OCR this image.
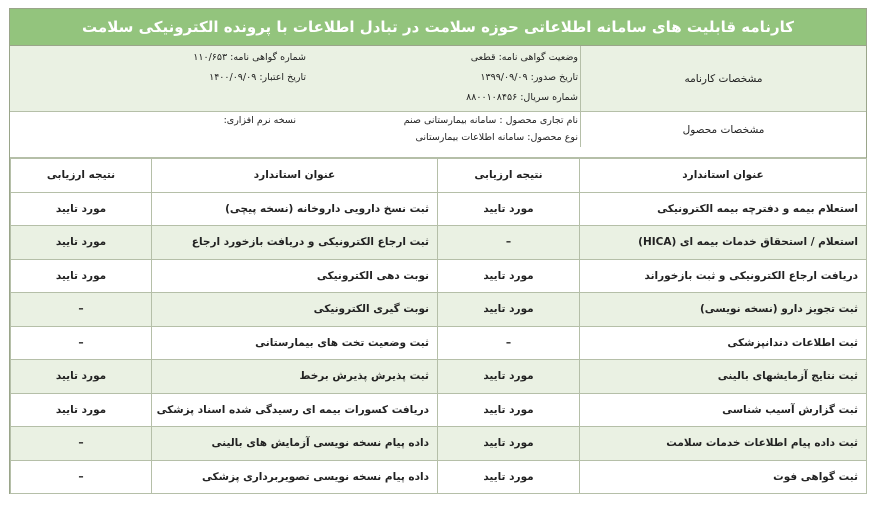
کارنامه قابلیت های سامانه اطلاعاتی حوزه سلامت در تبادل اطلاعات با پرونده الکترونیکی سلامت
مشخصات کارنامه
وضعیت گواهی نامه: قطعی
تاریخ صدور: ۱۳۹۹/۰۹/۰۹
شماره سریال: ۸۸۰۰۱۰۸۴۵۶
شماره گواهی نامه: ۱۱۰/۶۵۳
تاریخ اعتبار: ۱۴۰۰/۰۹/۰۹
مشخصات محصول
نام تجاری محصول : سامانه بیمارستانی صنم
نوع محصول: سامانه اطلاعات بیمارستانی
نسخه نرم افزاری:
عنوان استاندارد	نتیجه ارزیابی	عنوان استاندارد	نتیجه ارزیابی
استعلام بیمه و دفترچه بیمه الکترونیکی	مورد تایید	ثبت نسخ دارویی داروخانه (نسخه پیچی)	مورد تایید
استعلام / استحقاق خدمات بیمه ای (HICA)	–	ثبت ارجاع الکترونیکی و دریافت بازخورد ارجاع	مورد تایید
دریافت ارجاع الکترونیکی و ثبت بازخوراند	مورد تایید	نوبت دهی الکترونیکی	مورد تایید
ثبت تجویز دارو (نسخه نویسی)	مورد تایید	نوبت گیری الکترونیکی	–
ثبت اطلاعات دندانپزشکی	–	ثبت وضعیت تخت های بیمارستانی	–
ثبت نتایج آزمایشهای بالینی	مورد تایید	ثبت پذیرش پذیرش برخط	مورد تایید
ثبت گزارش آسیب شناسی	مورد تایید	دریافت کسورات بیمه ای رسیدگی شده اسناد پزشکی	مورد تایید
ثبت داده پیام اطلاعات خدمات سلامت	مورد تایید	داده پیام نسخه نویسی آزمایش های بالینی	–
ثبت گواهی فوت	مورد تایید	داده پیام نسخه نویسی تصویربرداری پزشکی	–
